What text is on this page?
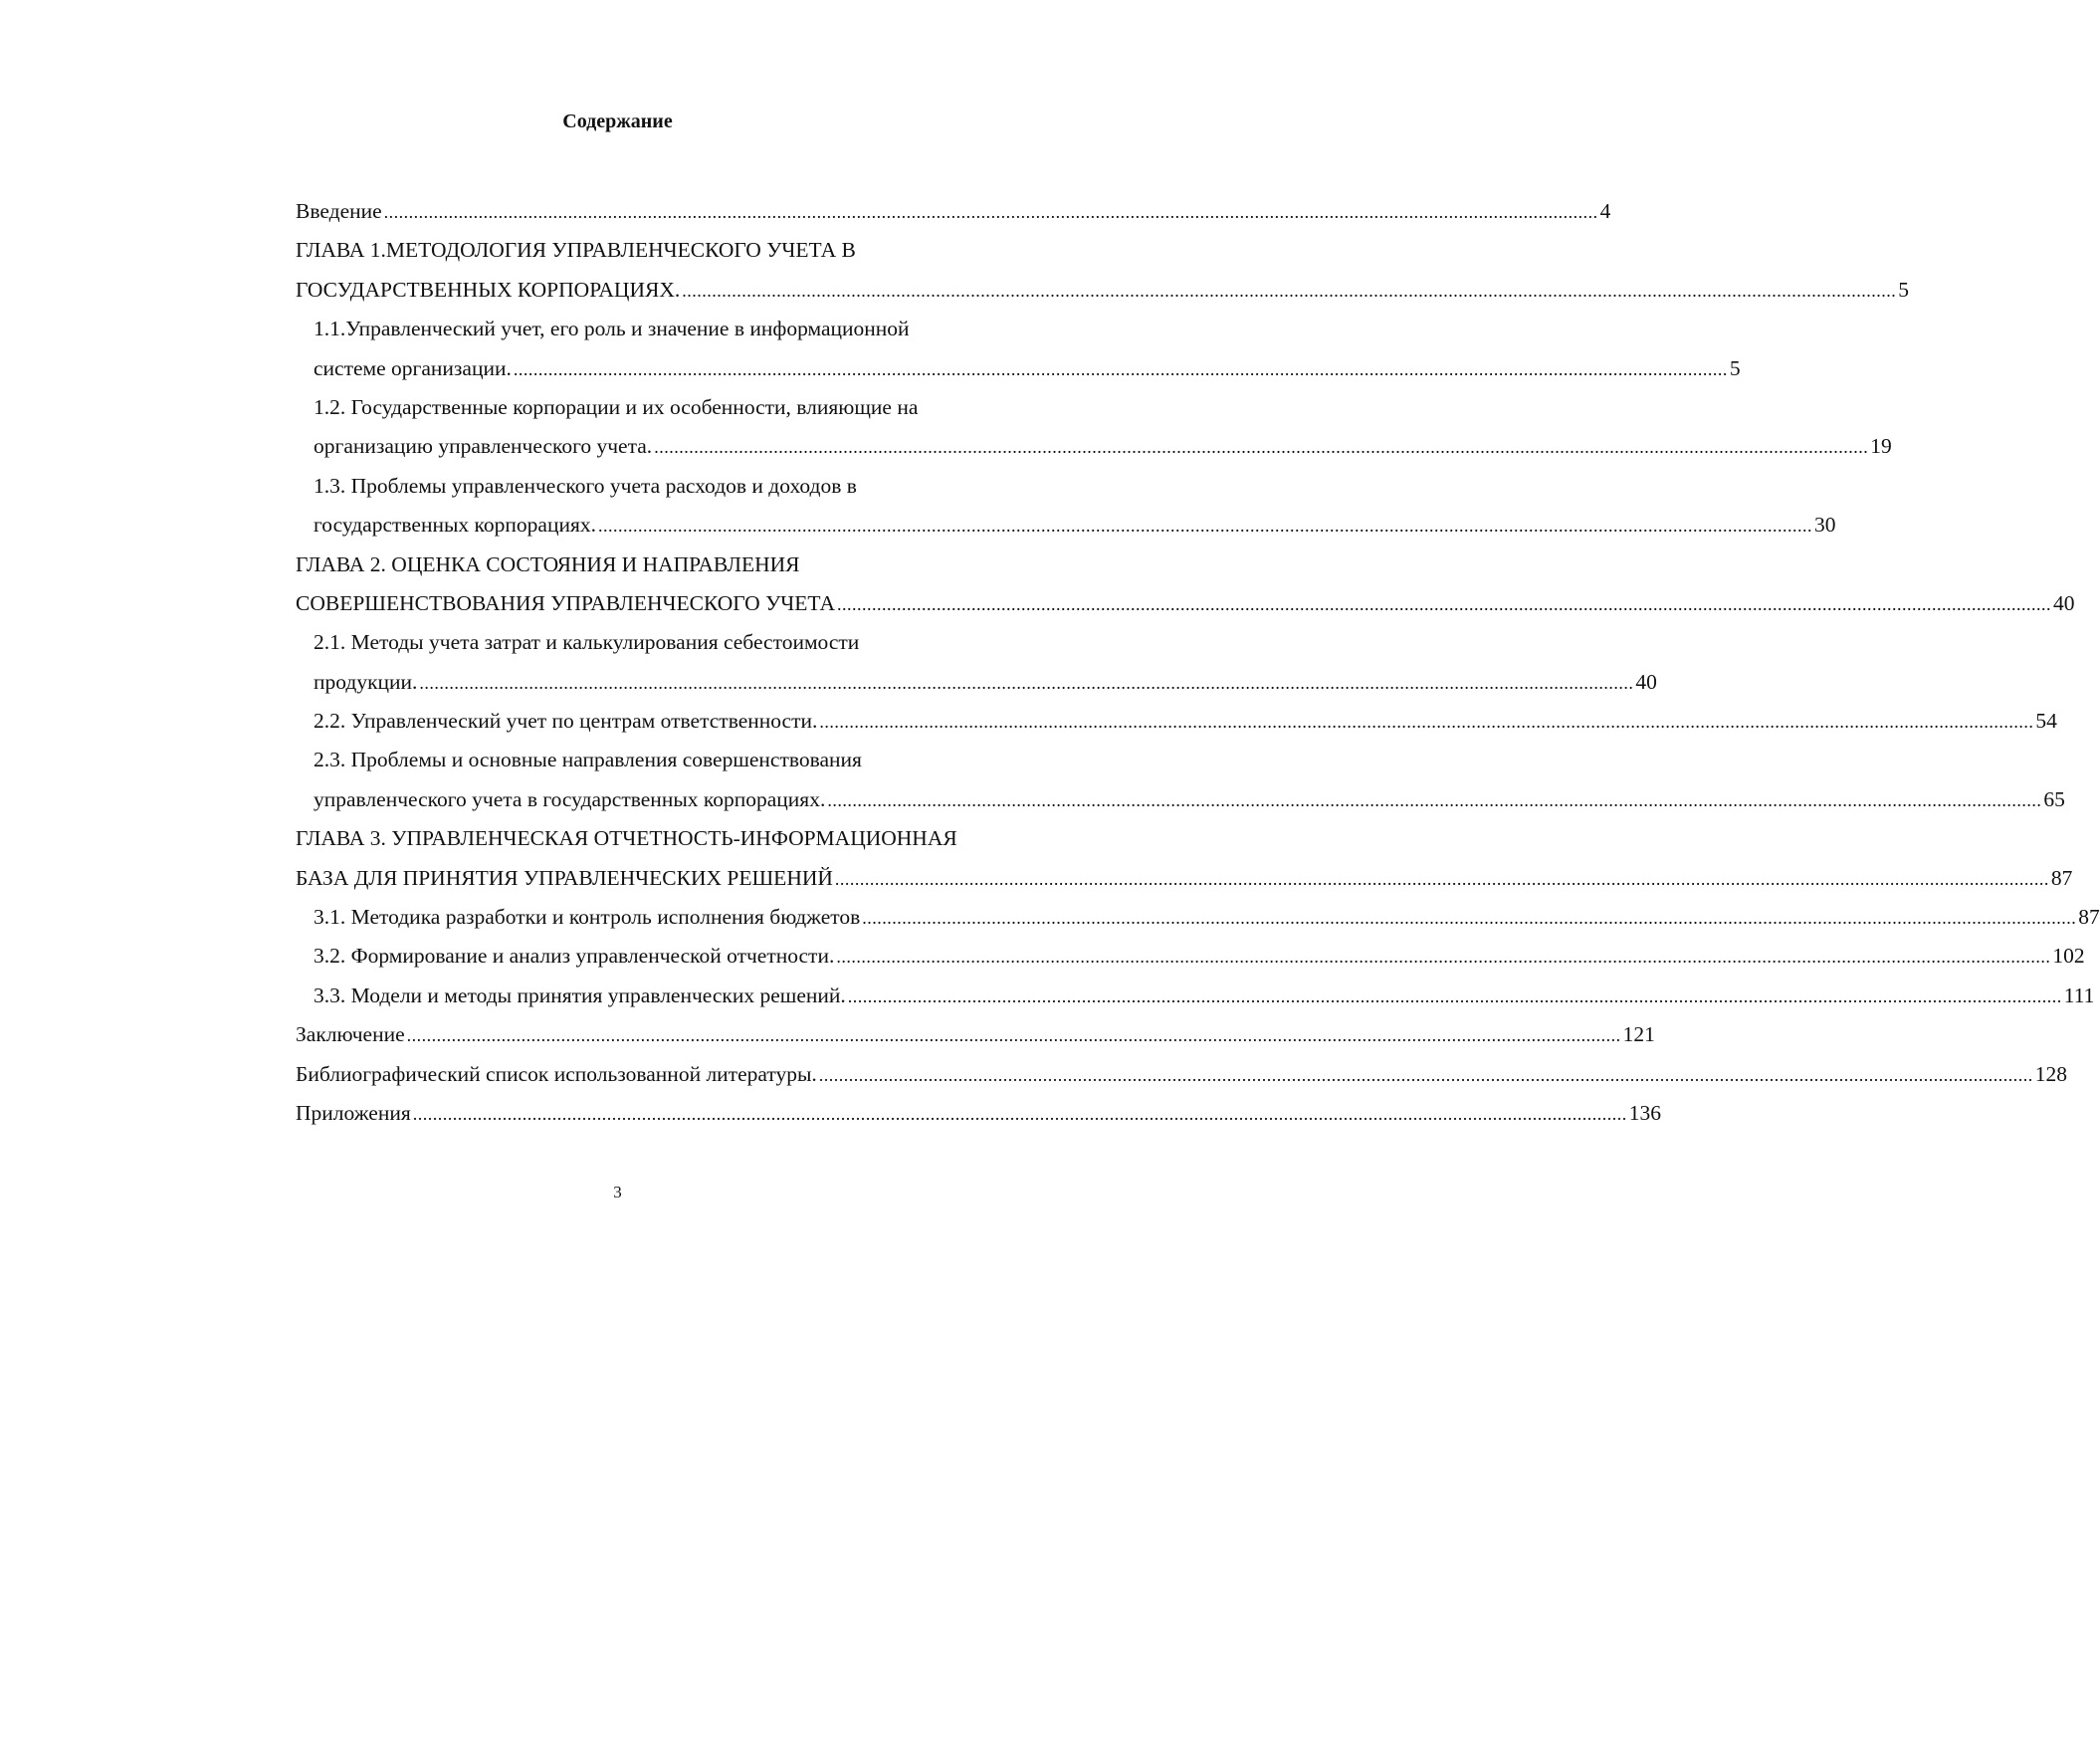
Содержание
Введение .................................................................................................................................................................................................................................................... 4
ГЛАВА 1.МЕТОДОЛОГИЯ УПРАВЛЕНЧЕСКОГО УЧЕТА В
ГОСУДАРСТВЕННЫХ КОРПОРАЦИЯХ. .................................................................................................................................................................................................................................................... 5
1.1.Управленческий учет, его роль и значение в информационной
системе организации. .................................................................................................................................................................................................................................................... 5
1.2. Государственные корпорации и их особенности, влияющие на
организацию управленческого учета. .................................................................................................................................................................................................................................................... 19
1.3. Проблемы управленческого учета расходов и доходов в
государственных корпорациях. .................................................................................................................................................................................................................................................... 30
ГЛАВА 2. ОЦЕНКА СОСТОЯНИЯ И НАПРАВЛЕНИЯ
СОВЕРШЕНСТВОВАНИЯ УПРАВЛЕНЧЕСКОГО УЧЕТА .................................................................................................................................................................................................................................................... 40
2.1. Методы учета затрат и калькулирования себестоимости
продукции. .................................................................................................................................................................................................................................................... 40
2.2. Управленческий учет по центрам ответственности. .................................................................................................................................................................................................................................................... 54
2.3. Проблемы и основные направления совершенствования
управленческого учета в государственных корпорациях. .................................................................................................................................................................................................................................................... 65
ГЛАВА 3. УПРАВЛЕНЧЕСКАЯ ОТЧЕТНОСТЬ-ИНФОРМАЦИОННАЯ
БАЗА ДЛЯ ПРИНЯТИЯ УПРАВЛЕНЧЕСКИХ РЕШЕНИЙ .................................................................................................................................................................................................................................................... 87
3.1. Методика разработки и контроль исполнения бюджетов .................................................................................................................................................................................................................................................... 87
3.2. Формирование и анализ управленческой отчетности. .................................................................................................................................................................................................................................................... 102
3.3. Модели и методы принятия управленческих решений. .................................................................................................................................................................................................................................................... 111
Заключение .................................................................................................................................................................................................................................................... 121
Библиографический список использованной литературы. .................................................................................................................................................................................................................................................... 128
Приложения .................................................................................................................................................................................................................................................... 136
3
